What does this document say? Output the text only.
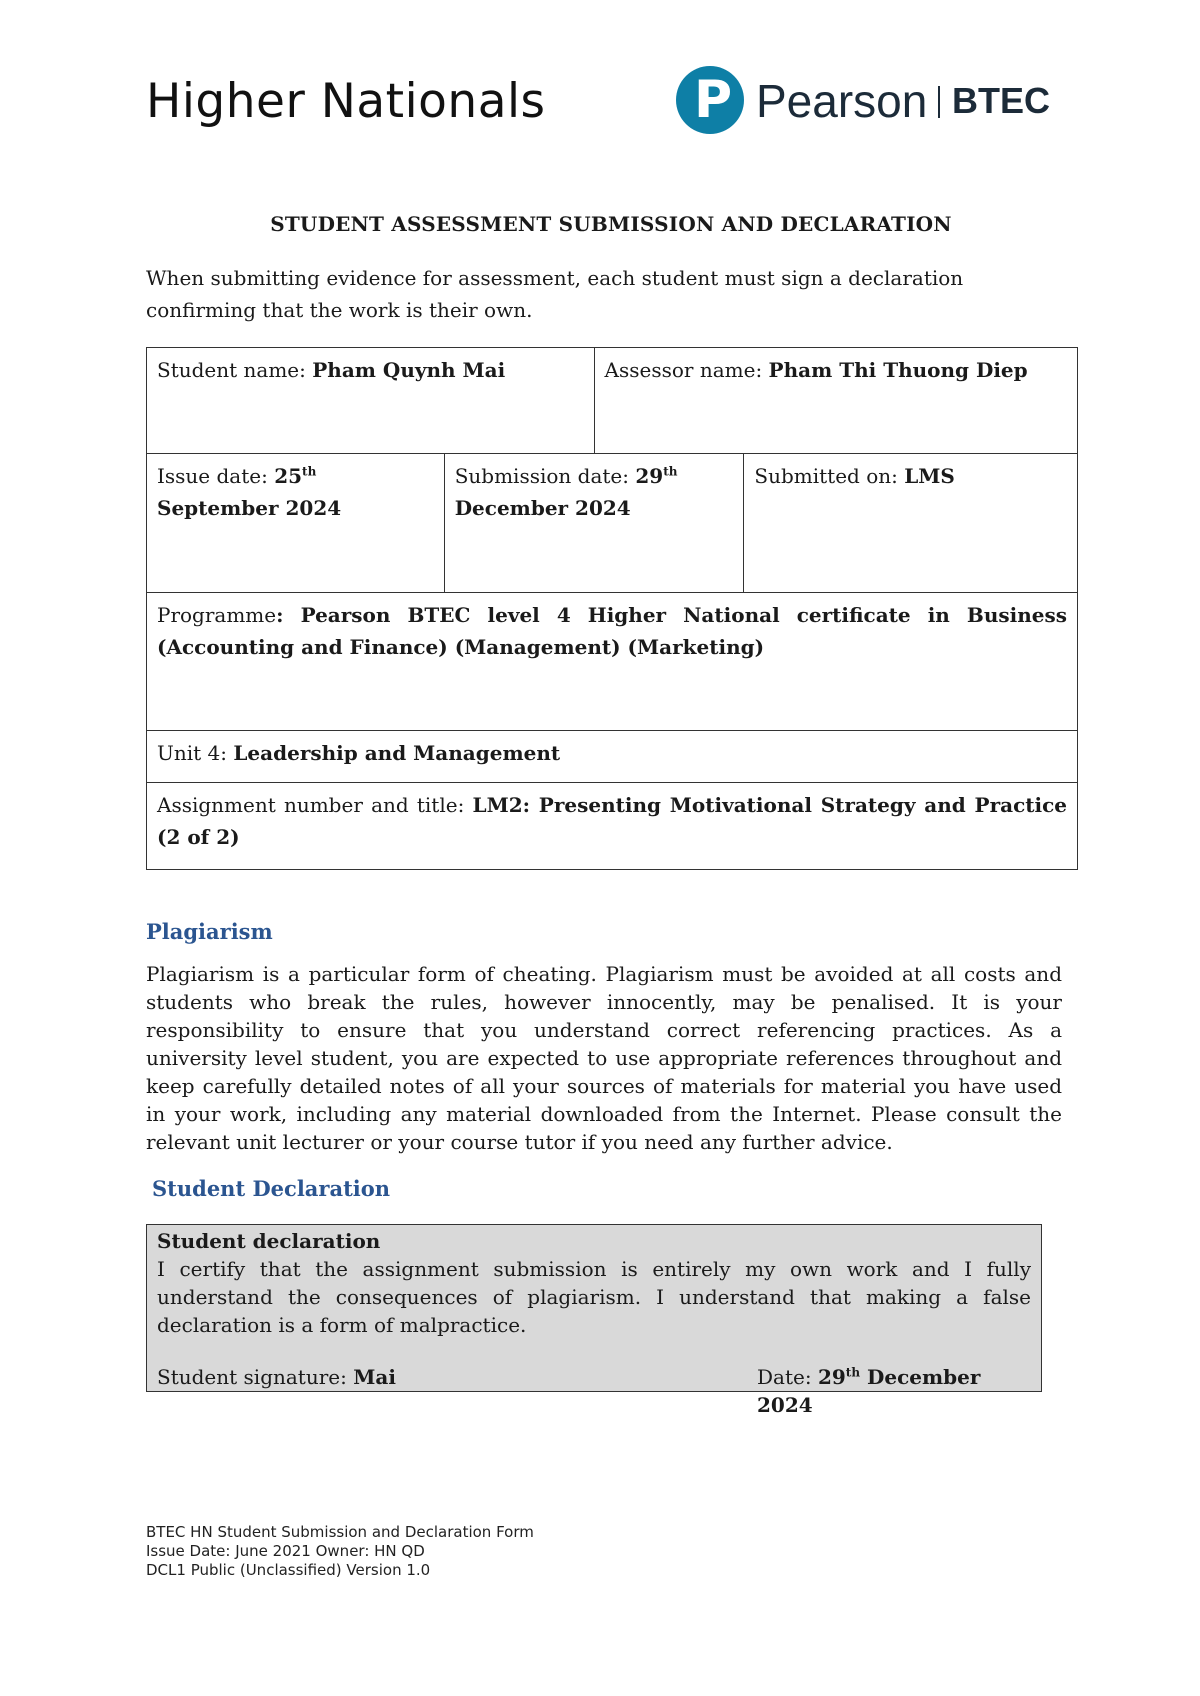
Higher Nationals	P Pearson BTEC
STUDENT ASSESSMENT SUBMISSION AND DECLARATION
When submitting evidence for assessment, each student must sign a declaration confirming that the work is their own.
Student name: Pham Quynh Mai		Assessor name: Pham Thi Thuong Diep	
Issue date: 25th September 2024	Submission date: 29th December 2024		Submitted on: LMS
Programme: Pearson BTEC level 4 Higher National certificate in Business (Accounting and Finance) (Management) (Marketing)			
Unit 4: Leadership and Management			
Assignment number and title: LM2: Presenting Motivational Strategy and Practice (2 of 2)			
Plagiarism
Plagiarism is a particular form of cheating. Plagiarism must be avoided at all costs and students who break the rules, however innocently, may be penalised. It is your responsibility to ensure that you understand correct referencing practices. As a university level student, you are expected to use appropriate references throughout and keep carefully detailed notes of all your sources of materials for material you have used in your work, including any material downloaded from the Internet. Please consult the relevant unit lecturer or your course tutor if you need any further advice.
Student Declaration
Student declaration
I certify that the assignment submission is entirely my own work and I fully understand the consequences of plagiarism. I understand that making a false declaration is a form of malpractice.
Student signature: Mai	Date: 29th December 2024
BTEC HN Student Submission and Declaration Form
Issue Date: June 2021 Owner: HN QD
DCL1 Public (Unclassified) Version 1.0
